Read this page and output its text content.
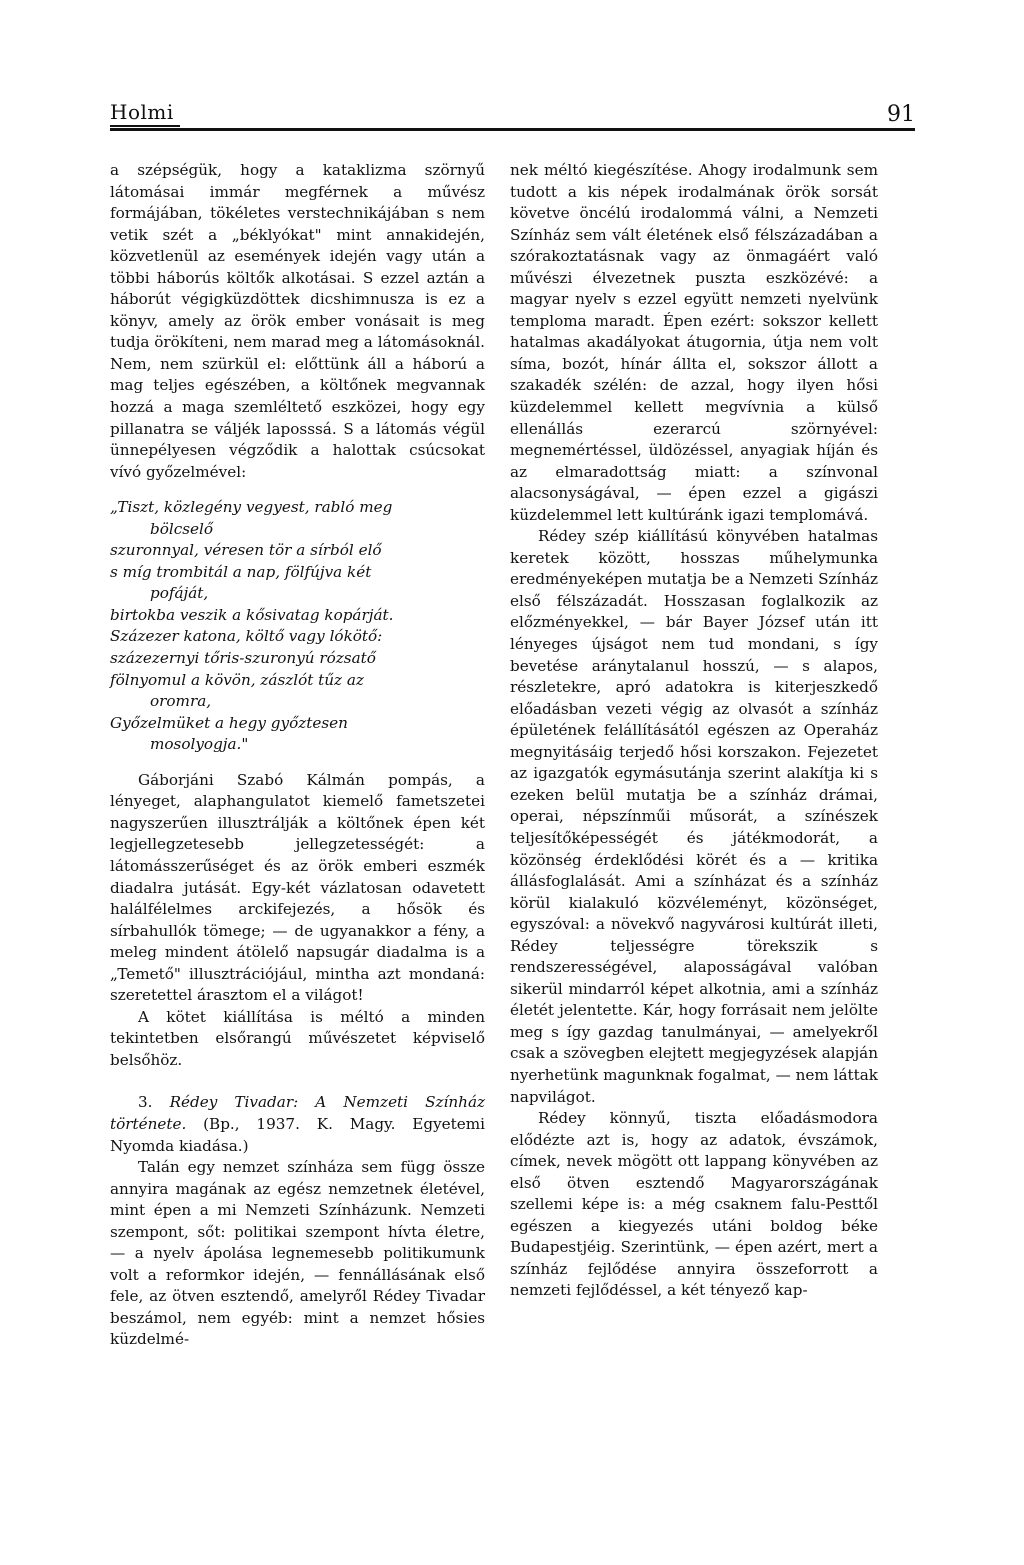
Holmi	91

a szépségük, hogy a kataklizma szörnyű látomásai immár megférnek a művész formájában, tökéletes verstechnikájában s nem vetik szét a „béklyókat" mint annakidején, közvetlenül az események idején vagy után a többi háborús költők alkotásai. S ezzel aztán a háborút végigküzdöttek dicshimnusza is ez a könyv, amely az örök ember vonásait is meg tudja örökíteni, nem marad meg a látomásoknál. Nem, nem szürkül el: előttünk áll a háború a mag teljes egészében, a költőnek megvannak hozzá a maga szemléltető eszközei, hogy egy pillanatra se váljék laposssá. S a látomás végül ünnepélyesen végződik a halottak csúcsokat vívó győzelmével:

„Tiszt, közlegény vegyest, rabló meg
bölcselő
szuronnyal, véresen tör a sírból elő
s míg trombitál a nap, fölfújva két
pofáját,
birtokba veszik a kősivatag kopárját.
Százezer katona, költő vagy lókötő:
százezernyi tőris-szuronyú rózsatő
fölnyomul a kövön, zászlót tűz az
oromra,
Győzelmüket a hegy győztesen
mosolyogja."

Gáborjáni Szabó Kálmán pompás, a lényeget, alaphangulatot kiemelő fametszetei nagyszerűen illusztrálják a költőnek épen két legjellegzetesebb jellegzetességét: a látomásszerűséget és az örök emberi eszmék diadalra jutását. Egy-két vázlatosan odavetett halálfélelmes arckifejezés, a hősök és sírbahullók tömege; — de ugyanakkor a fény, a meleg mindent átölelő napsugár diadalma is a „Temető" illusztrációjául, mintha azt mondaná: szeretettel árasztom el a világot!

A kötet kiállítása is méltó a minden tekintetben elsőrangú művészetet képviselő belsőhöz.

3. Rédey Tivadar: A Nemzeti Színház története. (Bp., 1937. K. Magy. Egyetemi Nyomda kiadása.)

Talán egy nemzet színháza sem függ össze annyira magának az egész nemzetnek életével, mint épen a mi Nemzeti Színházunk. Nemzeti szempont, sőt: politikai szempont hívta életre, — a nyelv ápolása legnemesebb politikumunk volt a reformkor idején, — fennállásának első fele, az ötven esztendő, amelyről Rédey Tivadar beszámol, nem egyéb: mint a nemzet hősies küzdelmé-

nek méltó kiegészítése. Ahogy irodalmunk sem tudott a kis népek irodalmának örök sorsát követve öncélú irodalommá válni, a Nemzeti Színház sem vált életének első félszázadában a szórakoztatásnak vagy az önmagáért való művészi élvezetnek puszta eszközévé: a magyar nyelv s ezzel együtt nemzeti nyelvünk temploma maradt. Épen ezért: sokszor kellett hatalmas akadályokat átugornia, útja nem volt síma, bozót, hínár állta el, sokszor állott a szakadék szélén: de azzal, hogy ilyen hősi küzdelemmel kellett megvívnia a külső ellenállás ezerarcú szörnyével: megnemértéssel, üldözéssel, anyagiak híján és az elmaradottság miatt: a színvonal alacsonyságával, — épen ezzel a gigászi küzdelemmel lett kultúránk igazi templomává.

Rédey szép kiállítású könyvében hatalmas keretek között, hosszas műhelymunka eredményeképen mutatja be a Nemzeti Színház első félszázadát. Hosszasan foglalkozik az előzményekkel, — bár Bayer József után itt lényeges újságot nem tud mondani, s így bevetése aránytalanul hosszú, — s alapos, részletekre, apró adatokra is kiterjeszkedő előadásban vezeti végig az olvasót a színház épületének felállításától egészen az Operaház megnyitásáig terjedő hősi korszakon. Fejezetet az igazgatók egymásutánja szerint alakítja ki s ezeken belül mutatja be a színház drámai, operai, népszínműi műsorát, a színészek teljesítőképességét és játékmodorát, a közönség érdeklődési körét és a — kritika állásfoglalását. Ami a színházat és a színház körül kialakuló közvéleményt, közönséget, egyszóval: a növekvő nagyvárosi kultúrát illeti, Rédey teljességre törekszik s rendszerességével, alaposságával valóban sikerül mindarról képet alkotnia, ami a színház életét jelentette. Kár, hogy forrásait nem jelölte meg s így gazdag tanulmányai, — amelyekről csak a szövegben elejtett megjegyzések alapján nyerhetünk magunknak fogalmat, — nem láttak napvilágot.

Rédey könnyű, tiszta előadásmodora elődézte azt is, hogy az adatok, évszámok, címek, nevek mögött ott lappang könyvében az első ötven esztendő Magyarországának szellemi képe is: a még csaknem falu-Pesttől egészen a kiegyezés utáni boldog béke Budapestjéig. Szerintünk, — épen azért, mert a színház fejlődése annyira összeforrott a nemzeti fejlődéssel, a két tényező kap-
